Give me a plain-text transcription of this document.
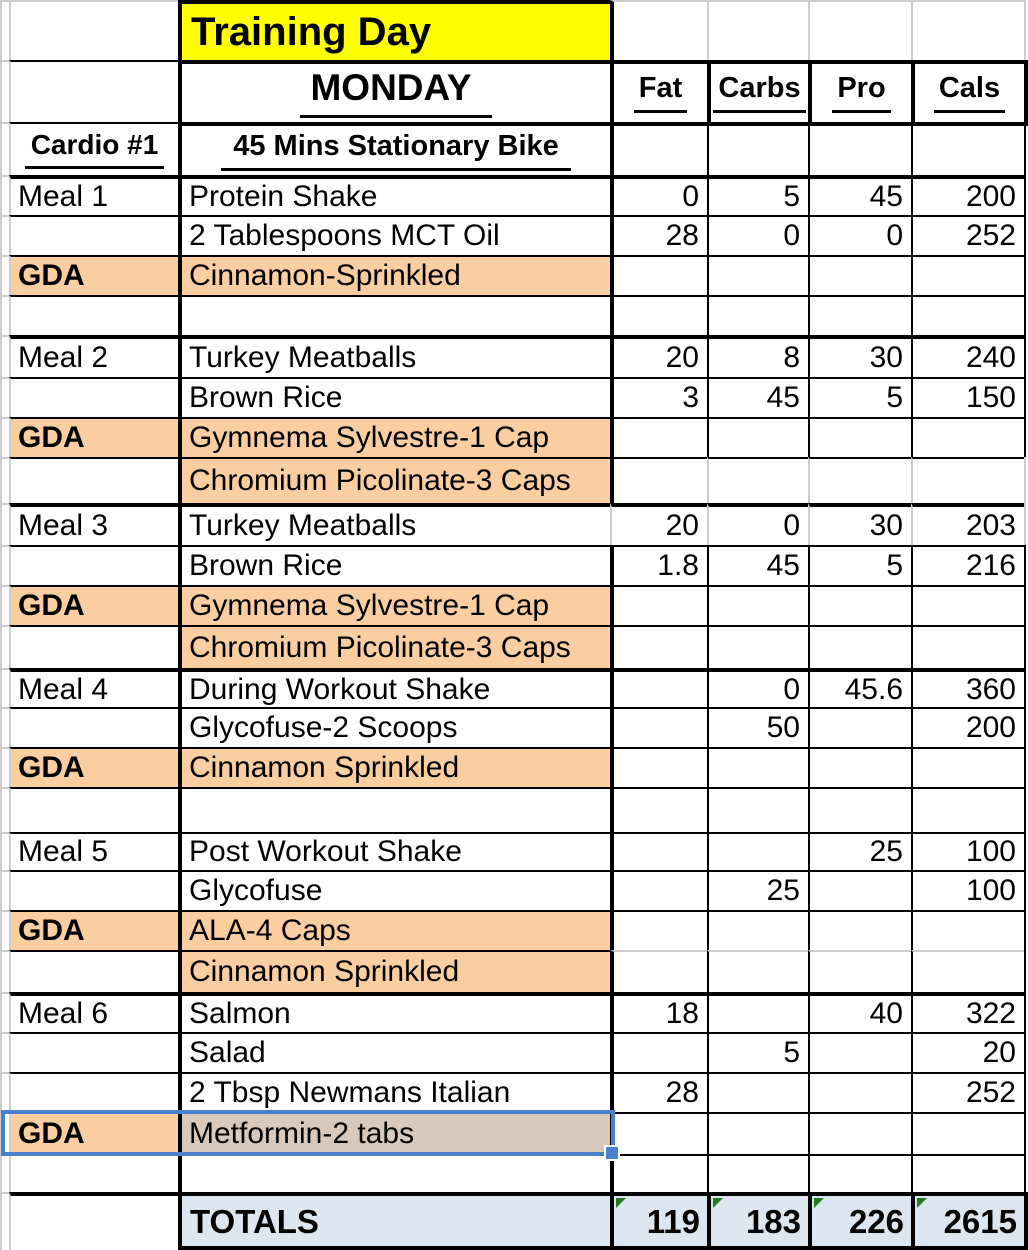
		Training Day					
		MONDAY	Fat	Carbs	Pro	Cals	
	Cardio #1	45 Mins Stationary Bike					
	Meal 1	Protein Shake	0	5	45	200	
		2 Tablespoons MCT Oil	28	0	0	252	
	GDA	Cinnamon-Sprinkled					

	Meal 2	Turkey Meatballs	20	8	30	240	
		Brown Rice	3	45	5	150	
	GDA	Gymnema Sylvestre-1 Cap					
		Chromium Picolinate-3 Caps					
	Meal 3	Turkey Meatballs	20	0	30	203	
		Brown Rice	1.8	45	5	216	
	GDA	Gymnema Sylvestre-1 Cap					
		Chromium Picolinate-3 Caps					
	Meal 4	During Workout Shake		0	45.6	360	
		Glycofuse-2 Scoops		50		200	
	GDA	Cinnamon Sprinkled					

	Meal 5	Post Workout Shake			25	100	
		Glycofuse		25		100	
	GDA	ALA-4 Caps					
		Cinnamon Sprinkled					
	Meal 6	Salmon	18		40	322	
		Salad		5		20	
		2 Tbsp Newmans Italian	28			252	
	GDA	Metformin-2 tabs					

		TOTALS	119	183	226	2615	
